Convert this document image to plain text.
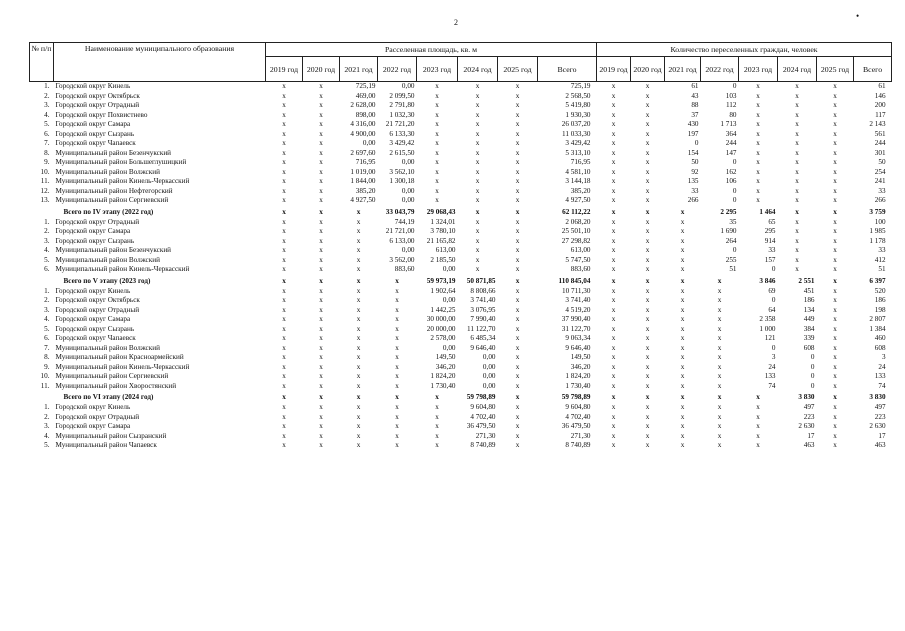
2
•
№ п/п	Наименование муниципального образования	Расселенная площадь, кв. м								Количество переселенных граждан, человек							
		2019 год	2020 год	2021 год	2022 год	2023 год	2024 год	2025 год	Всего	2019 год	2020 год	2021 год	2022 год	2023 год	2024 год	2025 год	Всего
1.	Городской округ Кинель	x	x	725,19	0,00	x	x	x	725,19	x	x	61	0	x	x	x	61
2.	Городской округ Октябрьск	x	x	469,00	2 099,50	x	x	x	2 568,50	x	x	43	103	x	x	x	146
3.	Городской округ Отрадный	x	x	2 628,00	2 791,80	x	x	x	5 419,80	x	x	88	112	x	x	x	200
4.	Городской округ Похвистнево	x	x	898,00	1 032,30	x	x	x	1 930,30	x	x	37	80	x	x	x	117
5.	Городской округ Самара	x	x	4 316,00	21 721,20	x	x	x	26 037,20	x	x	430	1 713	x	x	x	2 143
6.	Городской округ Сызрань	x	x	4 900,00	6 133,30	x	x	x	11 033,30	x	x	197	364	x	x	x	561
7.	Городской округ Чапаевск	x	x	0,00	3 429,42	x	x	x	3 429,42	x	x	0	244	x	x	x	244
8.	Муниципальный район Безенчукский	x	x	2 697,60	2 615,50	x	x	x	5 313,10	x	x	154	147	x	x	x	301
9.	Муниципальный район Большеглушицкий	x	x	716,95	0,00	x	x	x	716,95	x	x	50	0	x	x	x	50
10.	Муниципальный район Волжский	x	x	1 019,00	3 562,10	x	x	x	4 581,10	x	x	92	162	x	x	x	254
11.	Муниципальный район Кинель-Черкасский	x	x	1 844,00	1 300,18	x	x	x	3 144,18	x	x	135	106	x	x	x	241
12.	Муниципальный район Нефтегорский	x	x	385,20	0,00	x	x	x	385,20	x	x	33	0	x	x	x	33
13.	Муниципальный район Сергиевский	x	x	4 927,50	0,00	x	x	x	4 927,50	x	x	266	0	x	x	x	266
	Всего по IV этапу (2022 год)	x	x	x	33 043,79	29 068,43	x	x	62 112,22	x	x	x	2 295	1 464	x	x	3 759
1.	Городской округ Отрадный	x	x	x	744,19	1 324,01	x	x	2 068,20	x	x	x	35	65	x	x	100
2.	Городской округ Самара	x	x	x	21 721,00	3 780,10	x	x	25 501,10	x	x	x	1 690	295	x	x	1 985
3.	Городской округ Сызрань	x	x	x	6 133,00	21 165,82	x	x	27 298,82	x	x	x	264	914	x	x	1 178
4.	Муниципальный район Безенчукский	x	x	x	0,00	613,00	x	x	613,00	x	x	x	0	33	x	x	33
5.	Муниципальный район Волжский	x	x	x	3 562,00	2 185,50	x	x	5 747,50	x	x	x	255	157	x	x	412
6.	Муниципальный район Кинель-Черкасский	x	x	x	883,60	0,00	x	x	883,60	x	x	x	51	0	x	x	51
	Всего по V этапу (2023 год)	x	x	x	x	59 973,19	50 871,85	x	110 845,04	x	x	x	x	3 846	2 551	x	6 397
1.	Городской округ Кинель	x	x	x	x	1 902,64	8 808,66	x	10 711,30	x	x	x	x	69	451	x	520
2.	Городской округ Октябрьск	x	x	x	x	0,00	3 741,40	x	3 741,40	x	x	x	x	0	186	x	186
3.	Городской округ Отрадный	x	x	x	x	1 442,25	3 076,95	x	4 519,20	x	x	x	x	64	134	x	198
4.	Городской округ Самара	x	x	x	x	30 000,00	7 990,40	x	37 990,40	x	x	x	x	2 358	449	x	2 807
5.	Городской округ Сызрань	x	x	x	x	20 000,00	11 122,70	x	31 122,70	x	x	x	x	1 000	384	x	1 384
6.	Городской округ Чапаевск	x	x	x	x	2 578,00	6 485,34	x	9 063,34	x	x	x	x	121	339	x	460
7.	Муниципальный район Волжский	x	x	x	x	0,00	9 646,40	x	9 646,40	x	x	x	x	0	608	x	608
8.	Муниципальный район Красноармейский	x	x	x	x	149,50	0,00	x	149,50	x	x	x	x	3	0	x	3
9.	Муниципальный район Кинель-Черкасский	x	x	x	x	346,20	0,00	x	346,20	x	x	x	x	24	0	x	24
10.	Муниципальный район Сергиевский	x	x	x	x	1 824,20	0,00	x	1 824,20	x	x	x	x	133	0	x	133
11.	Муниципальный район Хворостянский	x	x	x	x	1 730,40	0,00	x	1 730,40	x	x	x	x	74	0	x	74
	Всего по VI этапу (2024 год)	x	x	x	x	x	59 798,89	x	59 798,89	x	x	x	x	x	3 830	x	3 830
1.	Городской округ Кинель	x	x	x	x	x	9 604,80	x	9 604,80	x	x	x	x	x	497	x	497
2.	Городской округ Отрадный	x	x	x	x	x	4 702,40	x	4 702,40	x	x	x	x	x	223	x	223
3.	Городской округ Самара	x	x	x	x	x	36 479,50	x	36 479,50	x	x	x	x	x	2 630	x	2 630
4.	Муниципальный район Сызранский	x	x	x	x	x	271,30	x	271,30	x	x	x	x	x	17	x	17
5.	Муниципальный район Чапаевск	x	x	x	x	x	8 740,89	x	8 740,89	x	x	x	x	x	463	x	463
